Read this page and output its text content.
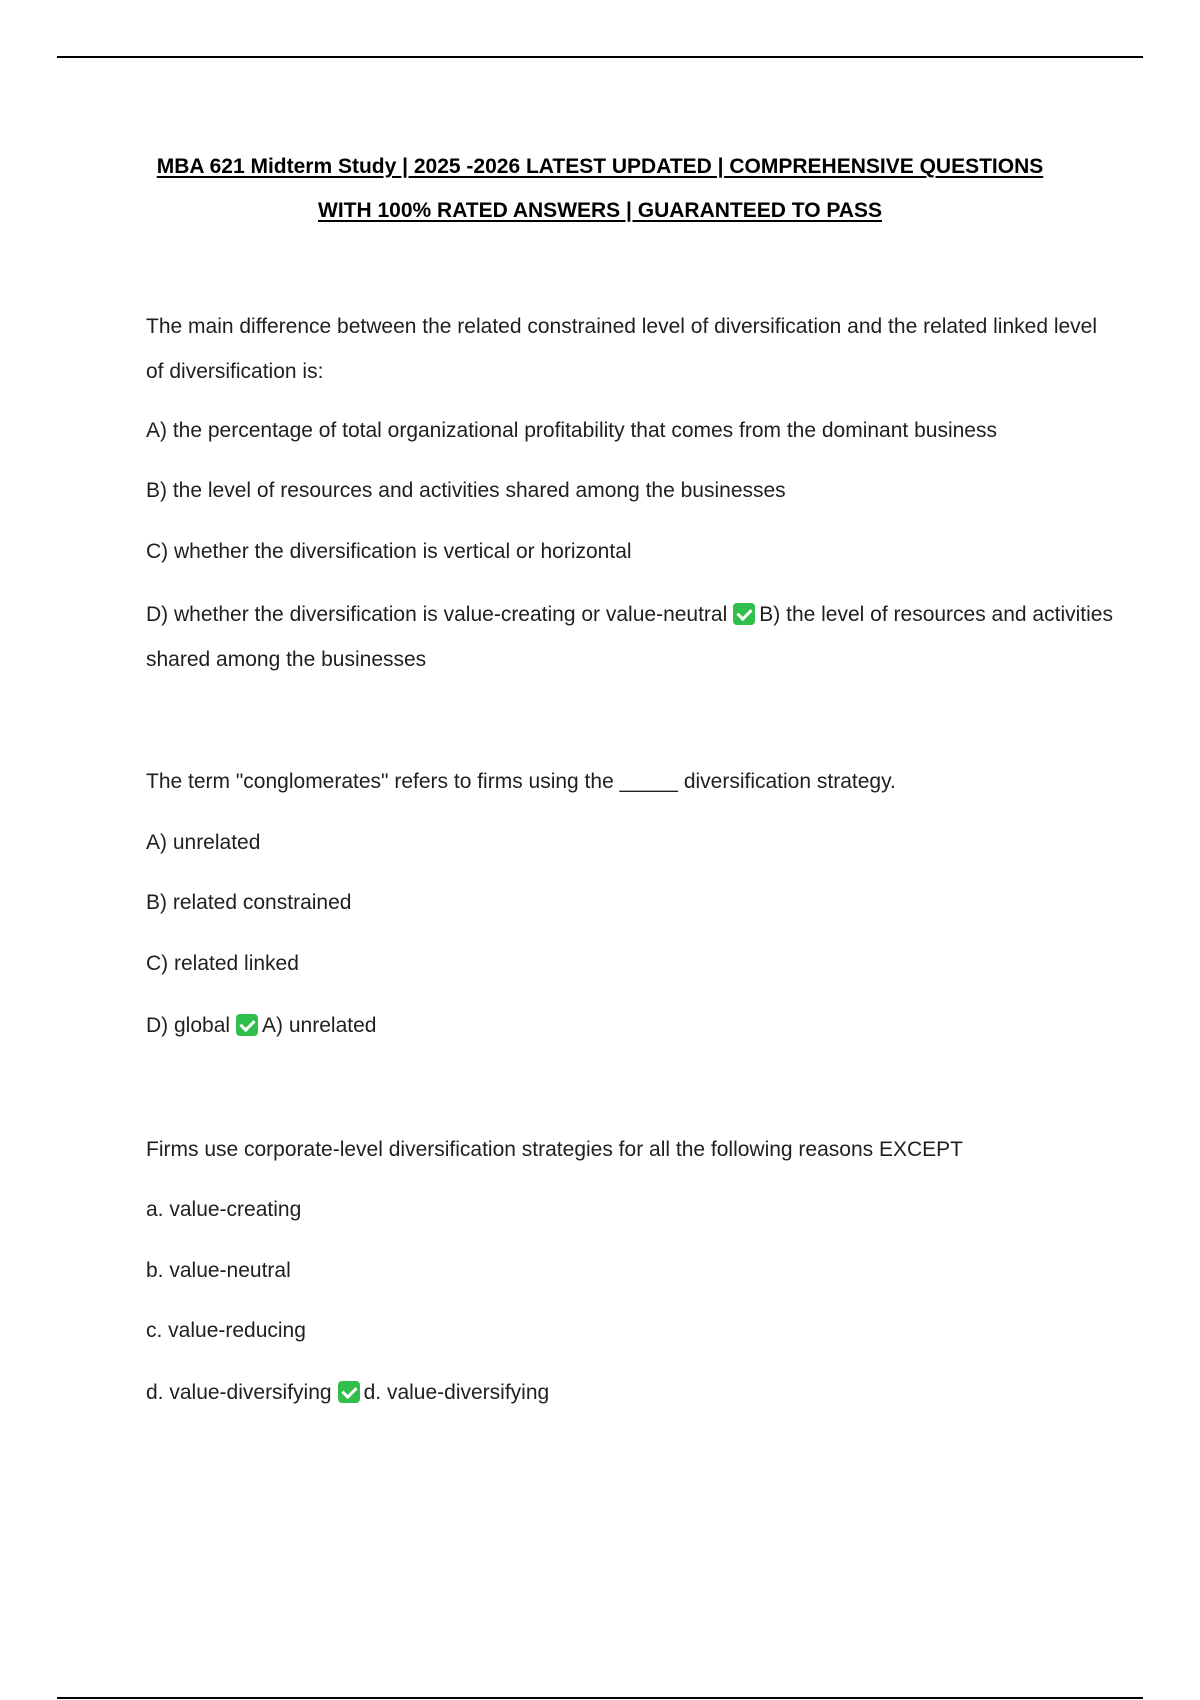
MBA 621 Midterm Study | 2025 -2026 LATEST UPDATED | COMPREHENSIVE QUESTIONS
WITH 100% RATED ANSWERS | GUARANTEED TO PASS
The main difference between the related constrained level of diversification and the related linked level of diversification is:
A) the percentage of total organizational profitability that comes from the dominant business
B) the level of resources and activities shared among the businesses
C) whether the diversification is vertical or horizontal
D) whether the diversification is value-creating or value-neutral B) the level of resources and activities shared among the businesses
The term "conglomerates" refers to firms using the _____ diversification strategy.
A) unrelated
B) related constrained
C) related linked
D) global A) unrelated
Firms use corporate-level diversification strategies for all the following reasons EXCEPT
a. value-creating
b. value-neutral
c. value-reducing
d. value-diversifying d. value-diversifying
